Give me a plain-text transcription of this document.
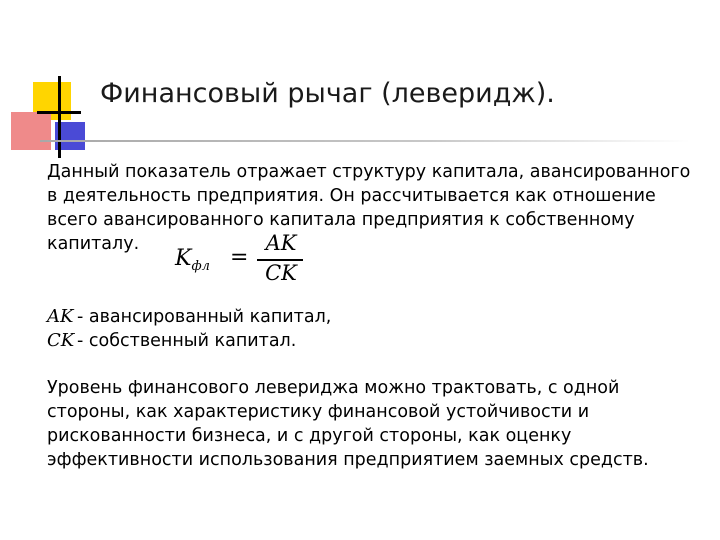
Финансовый рычаг (левeридж).
Данный показатель отражает структуру капитала, авансированного
в деятельность предприятия. Он рассчитывается как отношение
всего авансированного капитала предприятия к собственному
капиталу.
$K_{фл}$ =
AK
CK
AK - авансированный капитал,
CK - собственный капитал.
Уровень финансового левериджа можно трактовать, с одной
стороны, как характеристику финансовой устойчивости и
рискованности бизнеса, и с другой стороны, как оценку
эффективности использования предприятием заемных средств.
